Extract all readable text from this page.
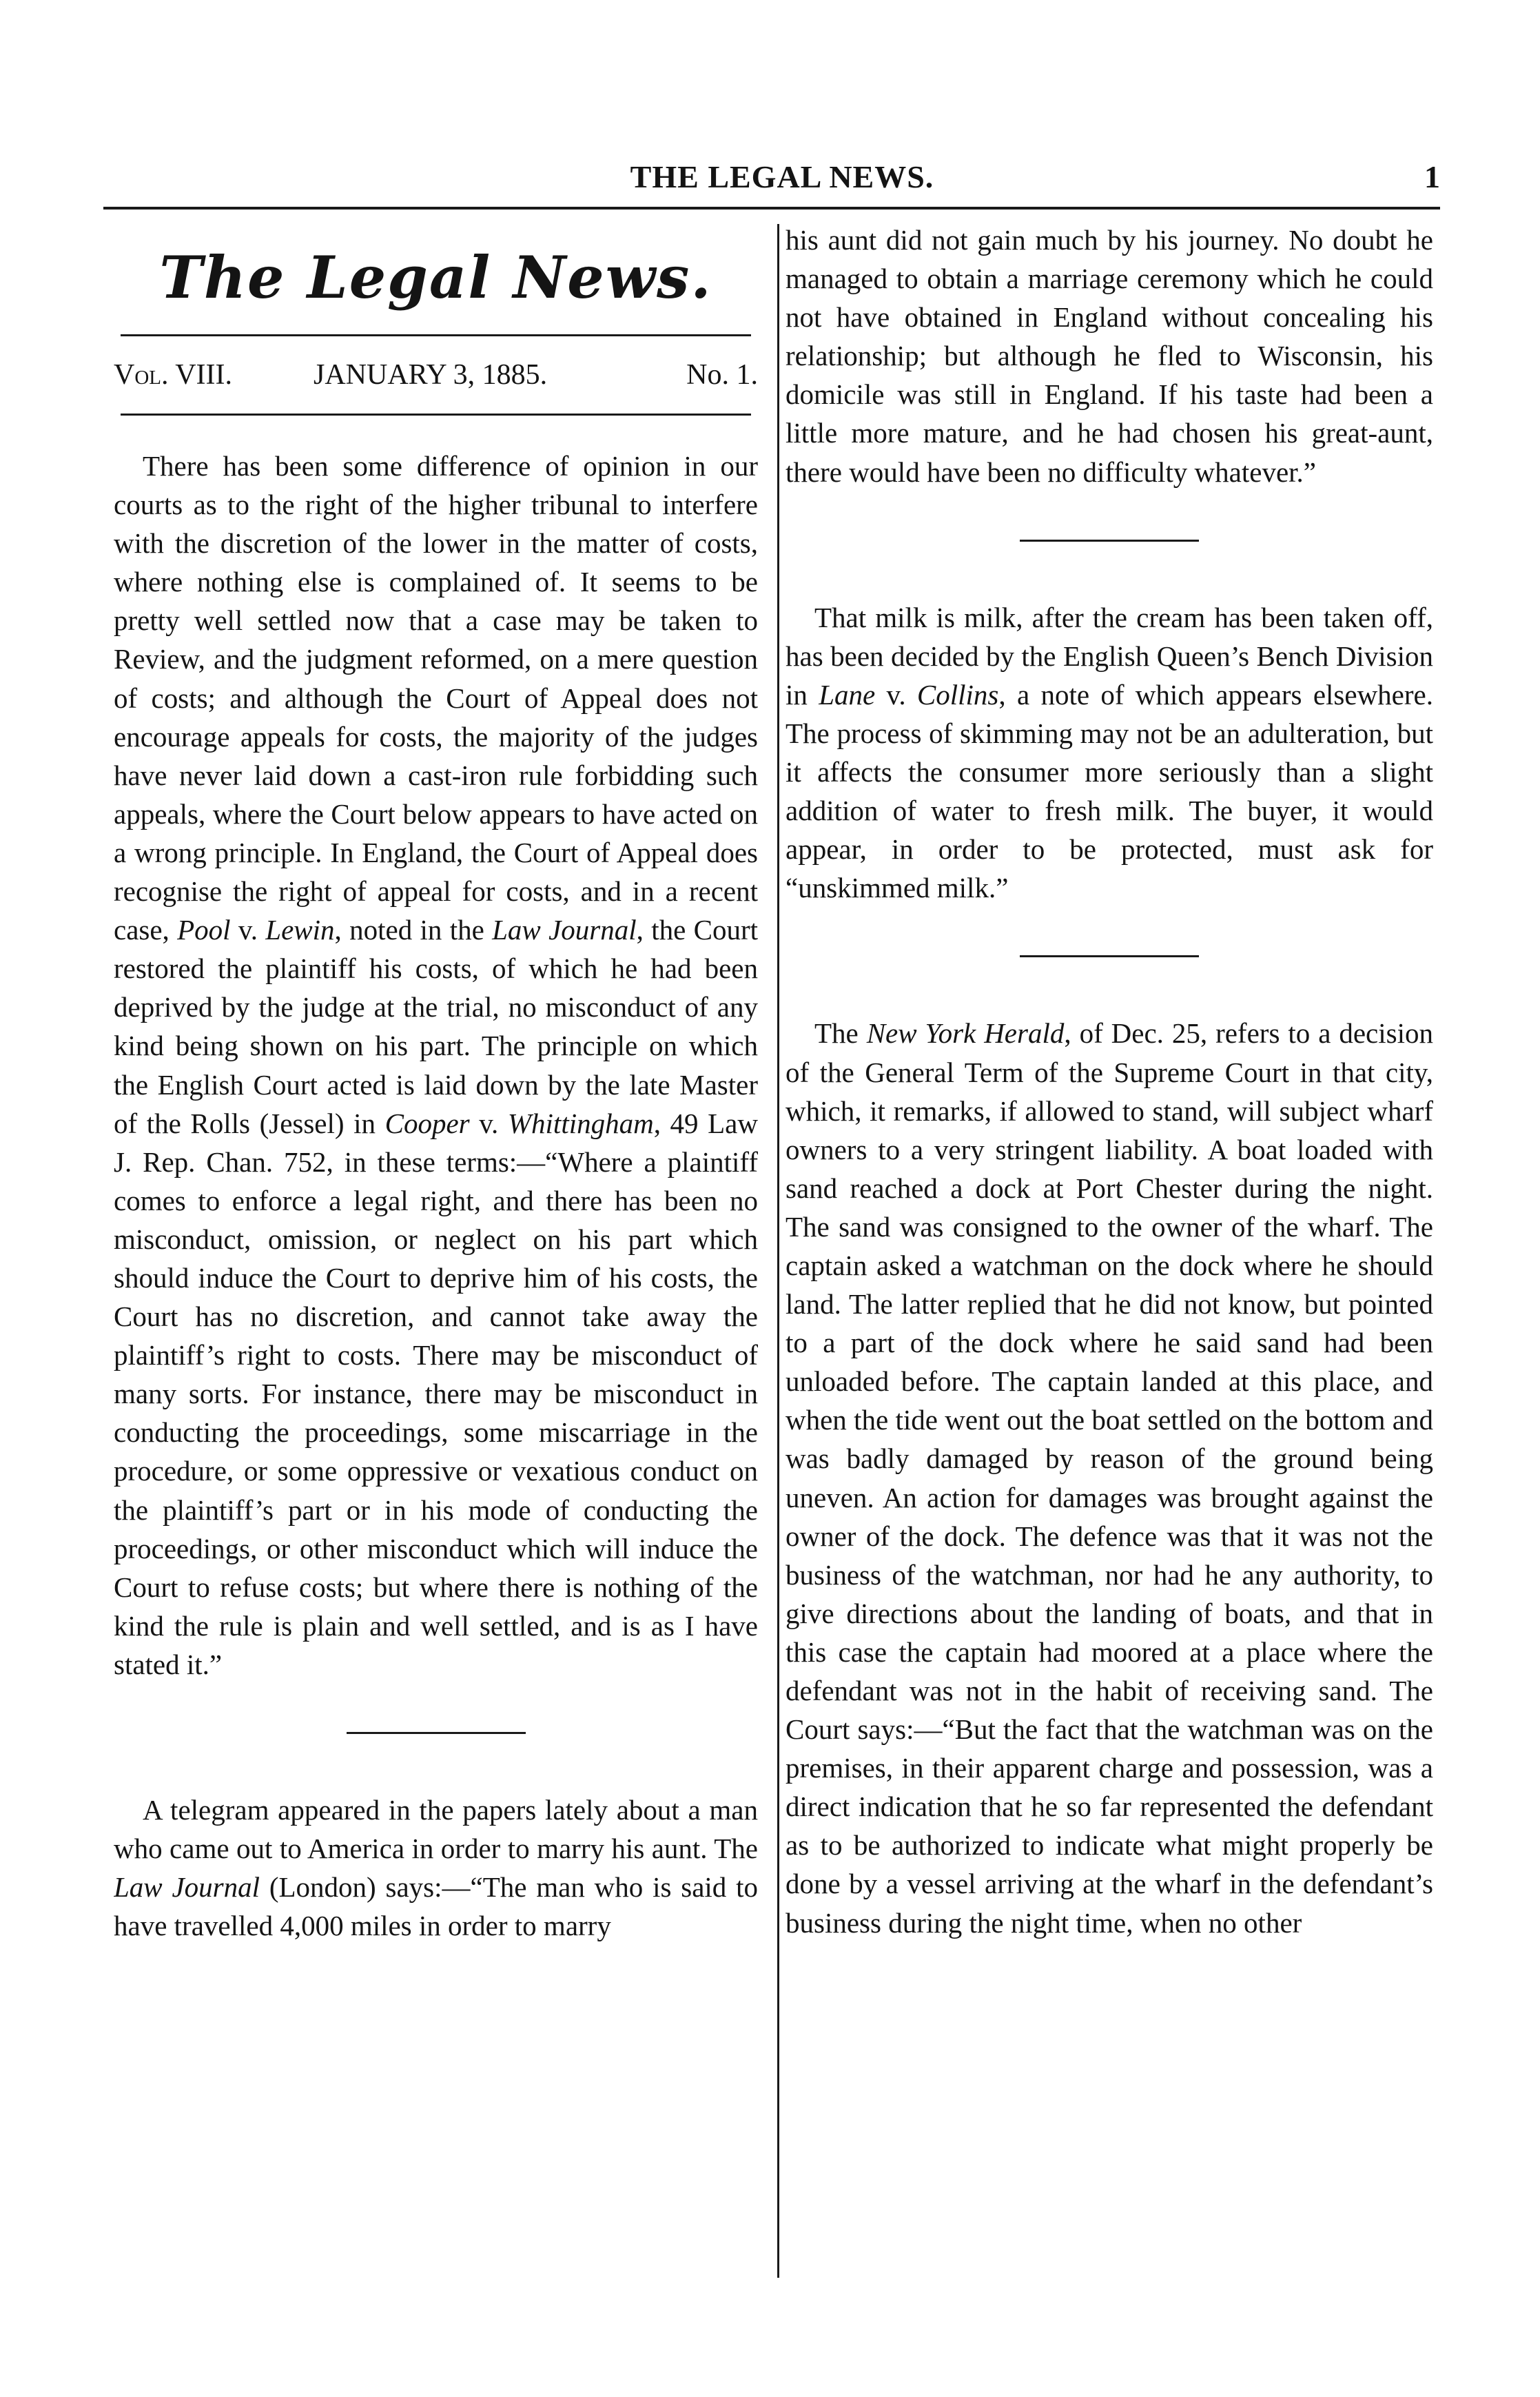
THE LEGAL NEWS.	1
The Legal News.
Vol. VIII.	JANUARY 3, 1885.	No. 1.

There has been some difference of opinion in our courts as to the right of the higher tribunal to interfere with the discretion of the lower in the matter of costs, where nothing else is complained of. It seems to be pretty well settled now that a case may be taken to Review, and the judgment reformed, on a mere question of costs; and although the Court of Appeal does not encourage appeals for costs, the majority of the judges have never laid down a cast-iron rule forbidding such appeals, where the Court below appears to have acted on a wrong principle. In England, the Court of Appeal does recognise the right of appeal for costs, and in a recent case, Pool v. Lewin, noted in the Law Journal, the Court restored the plaintiff his costs, of which he had been deprived by the judge at the trial, no misconduct of any kind being shown on his part. The principle on which the English Court acted is laid down by the late Master of the Rolls (Jessel) in Cooper v. Whittingham, 49 Law J. Rep. Chan. 752, in these terms:—“Where a plaintiff comes to enforce a legal right, and there has been no misconduct, omission, or neglect on his part which should induce the Court to deprive him of his costs, the Court has no discretion, and cannot take away the plaintiff’s right to costs. There may be misconduct of many sorts. For instance, there may be misconduct in conducting the proceedings, some miscarriage in the procedure, or some oppressive or vexatious conduct on the plaintiff’s part or in his mode of conducting the proceedings, or other misconduct which will induce the Court to refuse costs; but where there is nothing of the kind the rule is plain and well settled, and is as I have stated it.”

A telegram appeared in the papers lately about a man who came out to America in order to marry his aunt. The Law Journal (London) says:—“The man who is said to have travelled 4,000 miles in order to marry

his aunt did not gain much by his journey. No doubt he managed to obtain a marriage ceremony which he could not have obtained in England without concealing his relationship; but although he fled to Wisconsin, his domicile was still in England. If his taste had been a little more mature, and he had chosen his great-aunt, there would have been no difficulty whatever.”

That milk is milk, after the cream has been taken off, has been decided by the English Queen’s Bench Division in Lane v. Collins, a note of which appears elsewhere. The process of skimming may not be an adulteration, but it affects the consumer more seriously than a slight addition of water to fresh milk. The buyer, it would appear, in order to be protected, must ask for “unskimmed milk.”

The New York Herald, of Dec. 25, refers to a decision of the General Term of the Supreme Court in that city, which, it remarks, if allowed to stand, will subject wharf owners to a very stringent liability. A boat loaded with sand reached a dock at Port Chester during the night. The sand was consigned to the owner of the wharf. The captain asked a watchman on the dock where he should land. The latter replied that he did not know, but pointed to a part of the dock where he said sand had been unloaded before. The captain landed at this place, and when the tide went out the boat settled on the bottom and was badly damaged by reason of the ground being uneven. An action for damages was brought against the owner of the dock. The defence was that it was not the business of the watchman, nor had he any authority, to give directions about the landing of boats, and that in this case the captain had moored at a place where the defendant was not in the habit of receiving sand. The Court says:—“But the fact that the watchman was on the premises, in their apparent charge and possession, was a direct indication that he so far represented the defendant as to be authorized to indicate what might properly be done by a vessel arriving at the wharf in the defendant’s business during the night time, when no other
